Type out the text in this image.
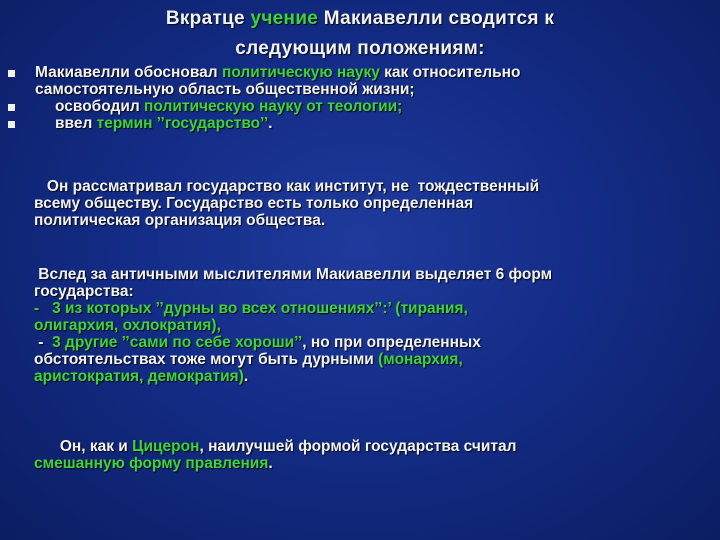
Вкратце учение Макиавелли сводится к
следующим положениям:
Макиавелли обосновал политическую науку как относительно
самостоятельную область общественной жизни;
освободил политическую науку от теологии;
ввел термин ’’государство’’.
Он рассматривал государство как институт, не  тождественный
всему обществу. Государство есть только определенная
политическая организация общества.
Вслед за античными мыслителями Макиавелли выделяет 6 форм
государства:
-   3 из которых ’’дурны во всех отношениях’’:’ (тирания,
олигархия, охлократия),
-  3 другие ’’сами по себе хороши’’, но при определенных
обстоятельствах тоже могут быть дурными (монархия,
аристократия, демократия).
Он, как и Цицерон, наилучшей формой государства считал
смешанную форму правления.
